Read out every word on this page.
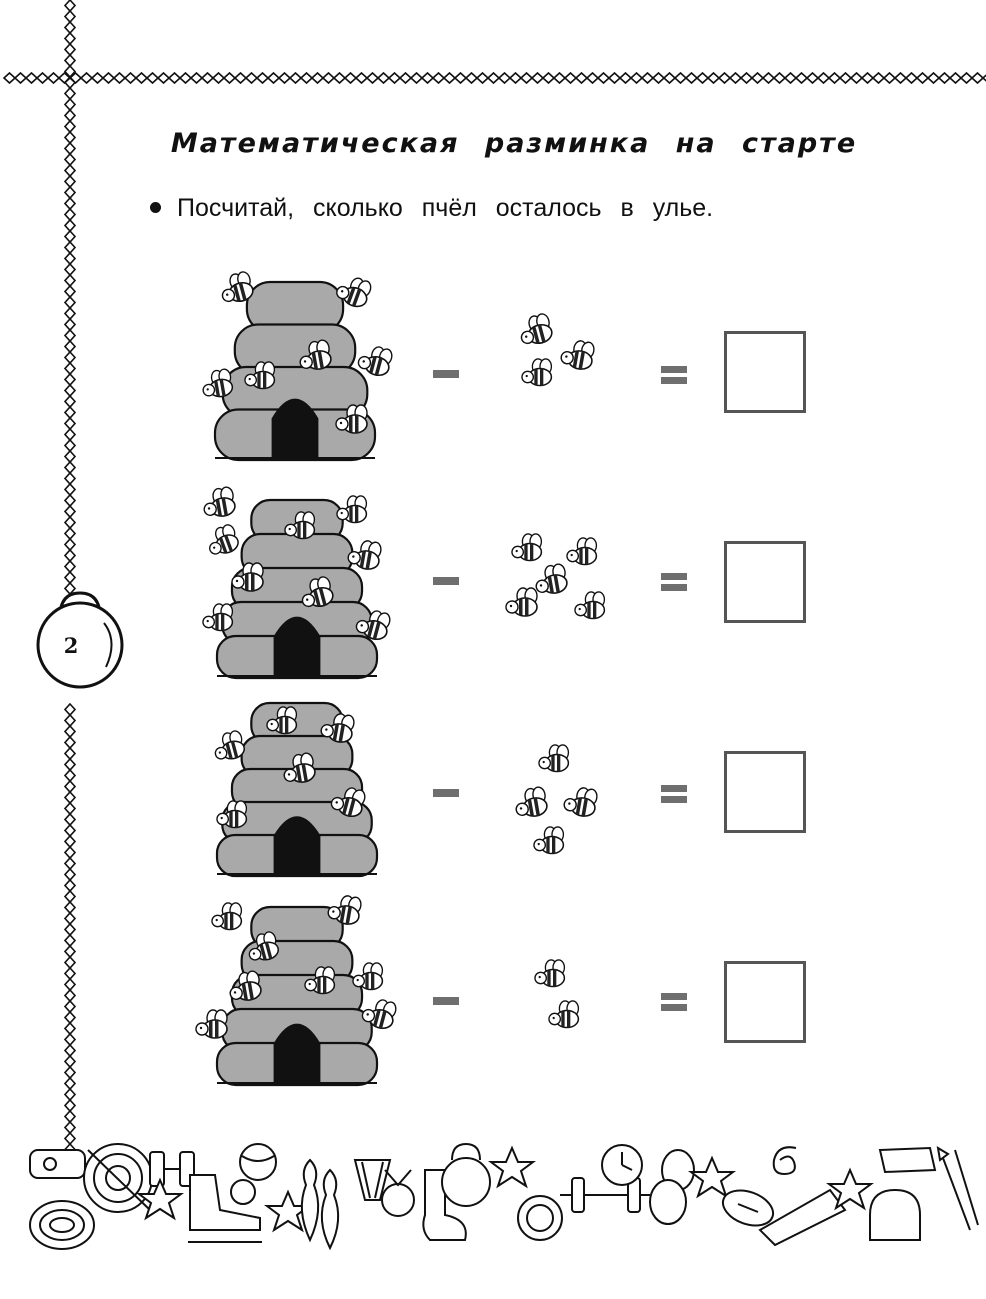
2
Математическая разминка на старте
Посчитай, сколько пчёл осталось в улье.
